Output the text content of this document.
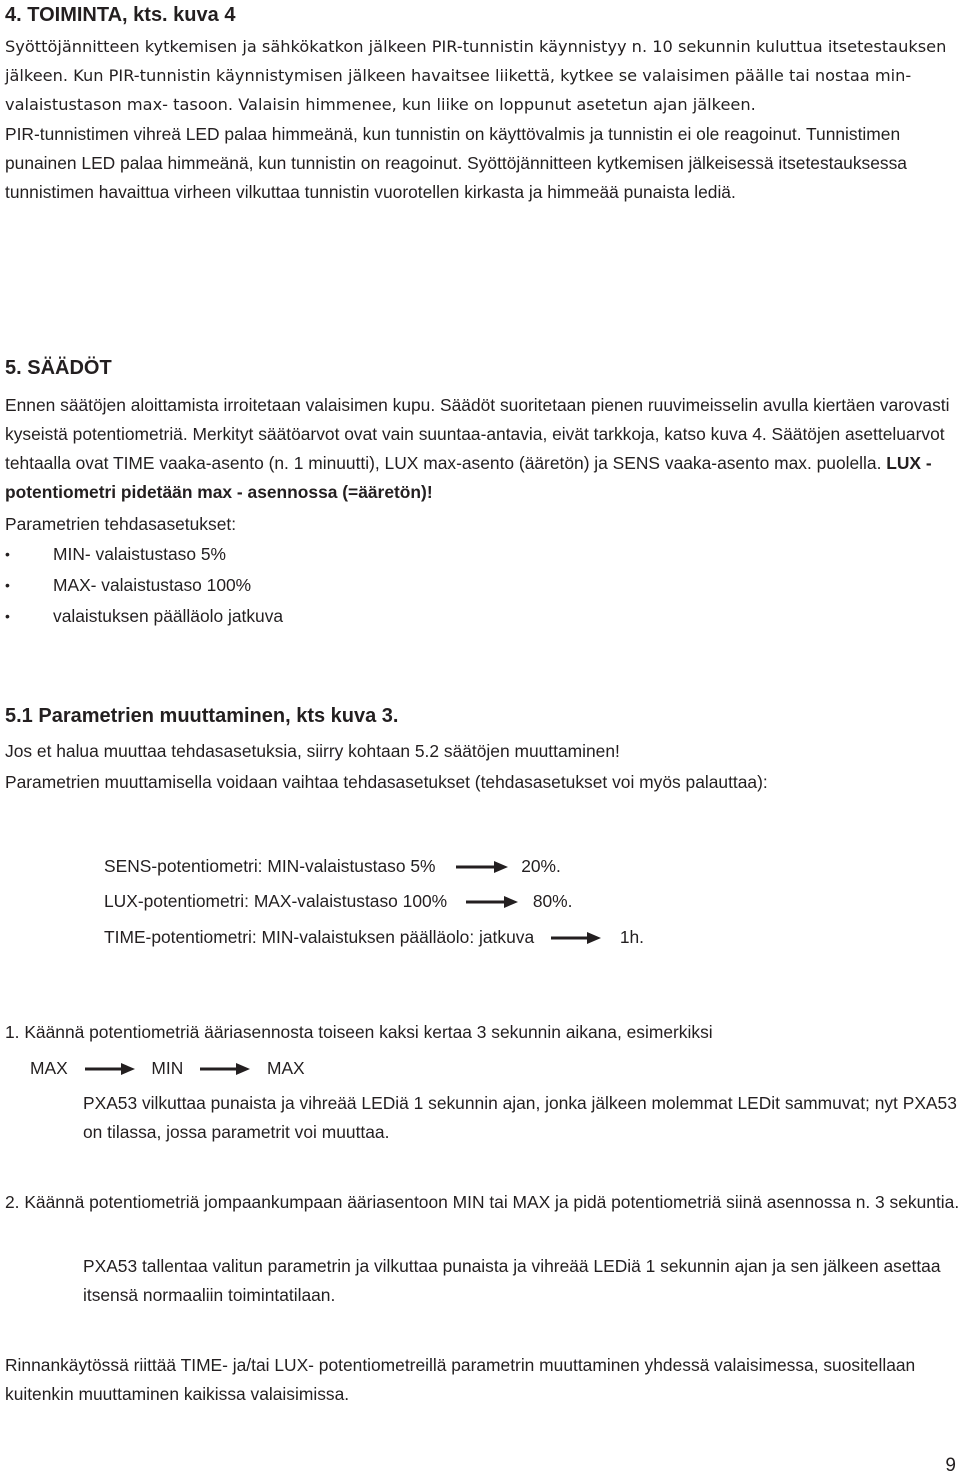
4. TOIMINTA, kts. kuva 4

Syöttöjännitteen kytkemisen ja sähkökatkon jälkeen PIR-tunnistin käynnistyy n. 10 sekunnin kuluttua itsetestauksen jälkeen. Kun PIR-tunnistin käynnistymisen jälkeen havaitsee liikettä, kytkee se valaisimen päälle tai nostaa min-valaistustason max- tasoon. Valaisin himmenee, kun liike on loppunut asetetun ajan jälkeen.

PIR-tunnistimen vihreä LED palaa himmeänä, kun tunnistin on käyttövalmis ja tunnistin ei ole reagoinut. Tunnistimen punainen LED palaa himmeänä, kun tunnistin on reagoinut. Syöttöjännitteen kytkemisen jälkeisessä itsetestauksessa tunnistimen havaittua virheen vilkuttaa tunnistin vuorotellen kirkasta ja himmeää punaista lediä.

5. SÄÄDÖT

Ennen säätöjen aloittamista irroitetaan valaisimen kupu. Säädöt suoritetaan pienen ruuvimeisselin avulla kiertäen varovasti kyseistä potentiometriä. Merkityt säätöarvot ovat vain suuntaa-antavia, eivät tarkkoja, katso kuva 4. Säätöjen asetteluarvot tehtaalla ovat TIME vaaka-asento (n. 1 minuutti), LUX max-asento (ääretön) ja SENS vaaka-asento max. puolella. LUX - potentiometri pidetään max - asennossa (=ääretön)!

Parametrien tehdasasetukset:

• MIN- valaistustaso 5%
• MAX- valaistustaso 100%
• valaistuksen päälläolo jatkuva
5.1 Parametrien muuttaminen, kts kuva 3.

Jos et halua muuttaa tehdasasetuksia, siirry kohtaan 5.2 säätöjen muuttaminen!

Parametrien muuttamisella voidaan vaihtaa tehdasasetukset (tehdasasetukset voi myös palauttaa):

SENS-potentiometri: MIN-valaistustaso 5%	20%.
LUX-potentiometri: MAX-valaistustaso 100%	80%.
TIME-potentiometri: MIN-valaistuksen päälläolo: jatkuva	1h.

1. Käännä potentiometriä ääriasennosta toiseen kaksi kertaa 3 sekunnin aikana, esimerkiksi

MAX	MIN	MAX

PXA53 vilkuttaa punaista ja vihreää LEDiä 1 sekunnin ajan, jonka jälkeen molemmat LEDit sammuvat; nyt PXA53 on tilassa, jossa parametrit voi muuttaa.

2. Käännä potentiometriä jompaankumpaan ääriasentoon MIN tai MAX ja pidä potentiometriä siinä asennossa n. 3 sekuntia.

PXA53 tallentaa valitun parametrin ja vilkuttaa punaista ja vihreää LEDiä 1 sekunnin ajan ja sen jälkeen asettaa itsensä normaaliin toimintatilaan.

Rinnankäytössä riittää TIME- ja/tai LUX- potentiometreillä parametrin muuttaminen yhdessä valaisimessa, suositellaan kuitenkin muuttaminen kaikissa valaisimissa.

9
